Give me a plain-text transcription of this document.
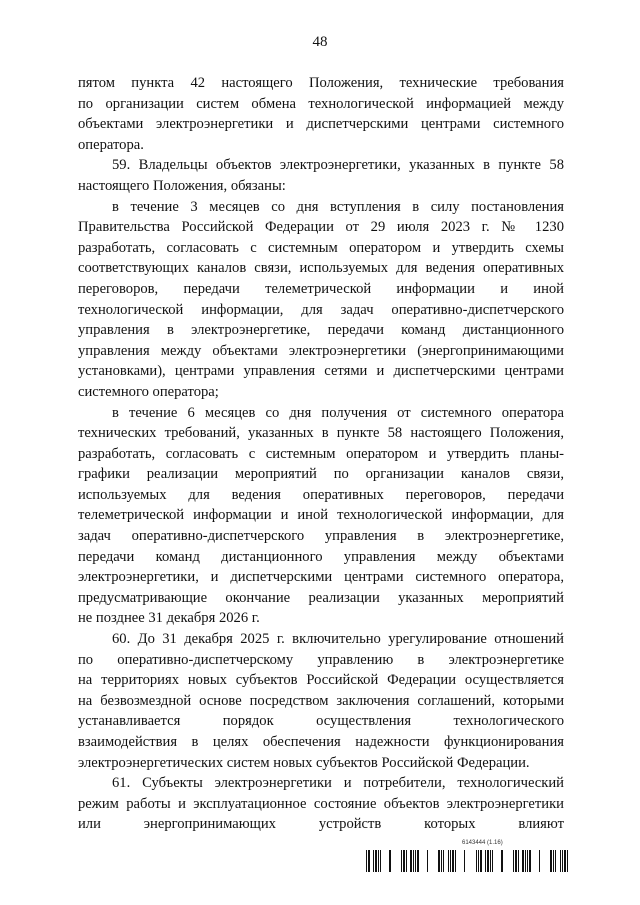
48

пятом пункта 42 настоящего Положения, технические требования

по организации систем обмена технологической информацией между

объектами электроэнергетики и диспетчерскими центрами системного

оператора.

59. Владельцы объектов электроэнергетики, указанных в пункте 58

настоящего Положения, обязаны:

в течение 3 месяцев со дня вступления в силу постановления

Правительства Российской Федерации от 29 июля 2023 г. № 1230

разработать, согласовать с системным оператором и утвердить схемы

соответствующих каналов связи, используемых для ведения оперативных

переговоров, передачи телеметрической информации и иной

технологической информации, для задач оперативно-диспетчерского

управления в электроэнергетике, передачи команд дистанционного

управления между объектами электроэнергетики (энергопринимающими

установками), центрами управления сетями и диспетчерскими центрами

системного оператора;

в течение 6 месяцев со дня получения от системного оператора

технических требований, указанных в пункте 58 настоящего Положения,

разработать, согласовать с системным оператором и утвердить планы-

графики реализации мероприятий по организации каналов связи,

используемых для ведения оперативных переговоров, передачи

телеметрической информации и иной технологической информации, для

задач оперативно-диспетчерского управления в электроэнергетике,

передачи команд дистанционного управления между объектами

электроэнергетики, и диспетчерскими центрами системного оператора,

предусматривающие окончание реализации указанных мероприятий

не позднее 31 декабря 2026 г.

60. До 31 декабря 2025 г. включительно урегулирование отношений

по оперативно-диспетчерскому управлению в электроэнергетике

на территориях новых субъектов Российской Федерации осуществляется

на безвозмездной основе посредством заключения соглашений, которыми

устанавливается порядок осуществления технологического

взаимодействия в целях обеспечения надежности функционирования

электроэнергетических систем новых субъектов Российской Федерации.

61. Субъекты электроэнергетики и потребители, технологический

режим работы и эксплуатационное состояние объектов электроэнергетики

или энергопринимающих устройств которых влияют

6143444 (1.16)
